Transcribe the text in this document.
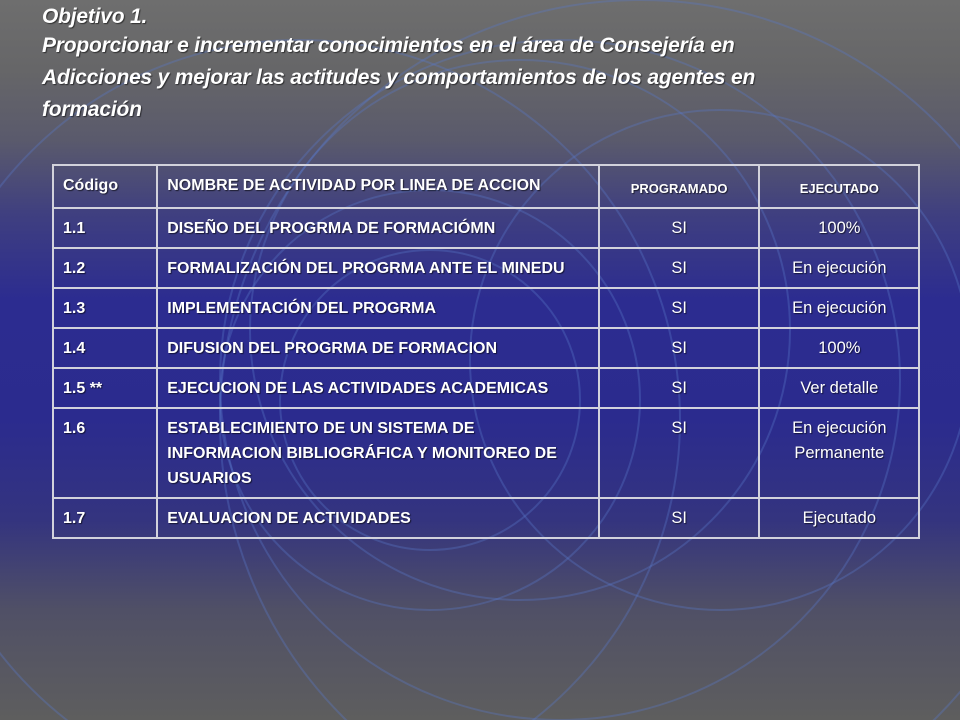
Objetivo 1.
Proporcionar e incrementar conocimientos en el área de Consejería en
Adicciones y mejorar las actitudes y comportamientos de los agentes en
formación
Código	NOMBRE DE ACTIVIDAD POR LINEA DE ACCION	PROGRAMADO	EJECUTADO
1.1	DISEÑO DEL PROGRMA DE FORMACIÓMN	SI	100%
1.2	FORMALIZACIÓN DEL PROGRMA ANTE EL MINEDU	SI	En ejecución
1.3	IMPLEMENTACIÓN DEL PROGRMA	SI	En ejecución
1.4	DIFUSION DEL PROGRMA DE FORMACION	SI	100%
1.5 **	EJECUCION DE LAS ACTIVIDADES ACADEMICAS	SI	Ver detalle
1.6	ESTABLECIMIENTO DE UN SISTEMA DE INFORMACION BIBLIOGRÁFICA Y MONITOREO DE USUARIOS	SI	En ejecución Permanente
1.7	EVALUACION DE ACTIVIDADES	SI	Ejecutado
